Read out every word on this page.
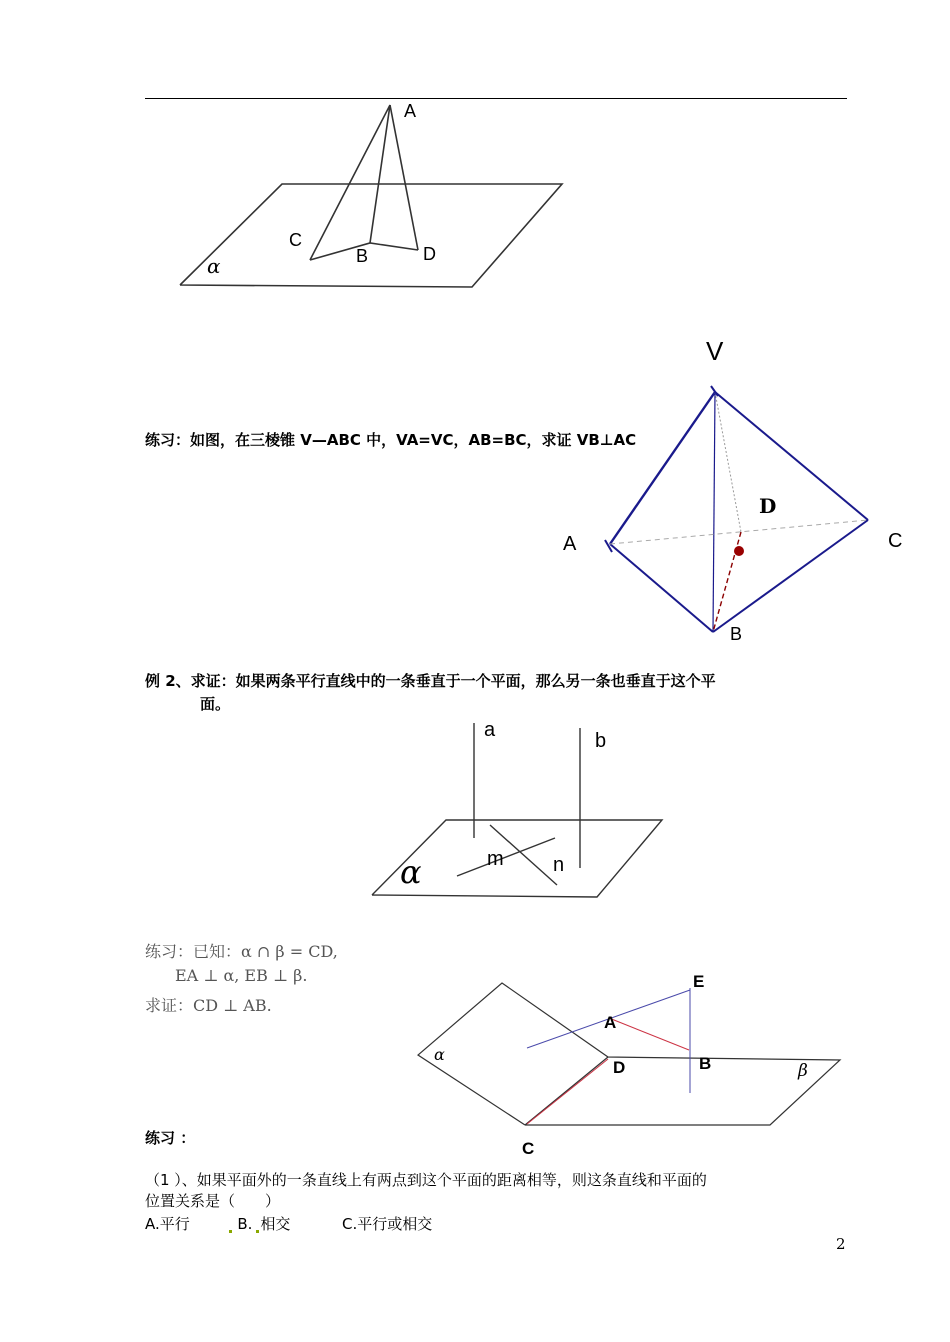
A
C
B	D
α
V
A	C
B
D
练习：如图，在三棱锥 V—ABC 中，VA=VC，AB=BC，求证 VB⊥AC
例 2、求证：如果两条平行直线中的一条垂直于一个平面，那么另一条也垂直于这个平
面。
a	b
m n
α
练习：已知：α ∩ β = CD,
EA ⊥ α, EB ⊥ β.
求证：CD ⊥ AB.
E
A
B
D
C
α
β
练习 ：
（1 ）、如果平面外的一条直线上有两点到这个平面的距离相等，则这条直线和平面的
位置关系是（　　）
A.平行	B. 相交	C.平行或相交
2
